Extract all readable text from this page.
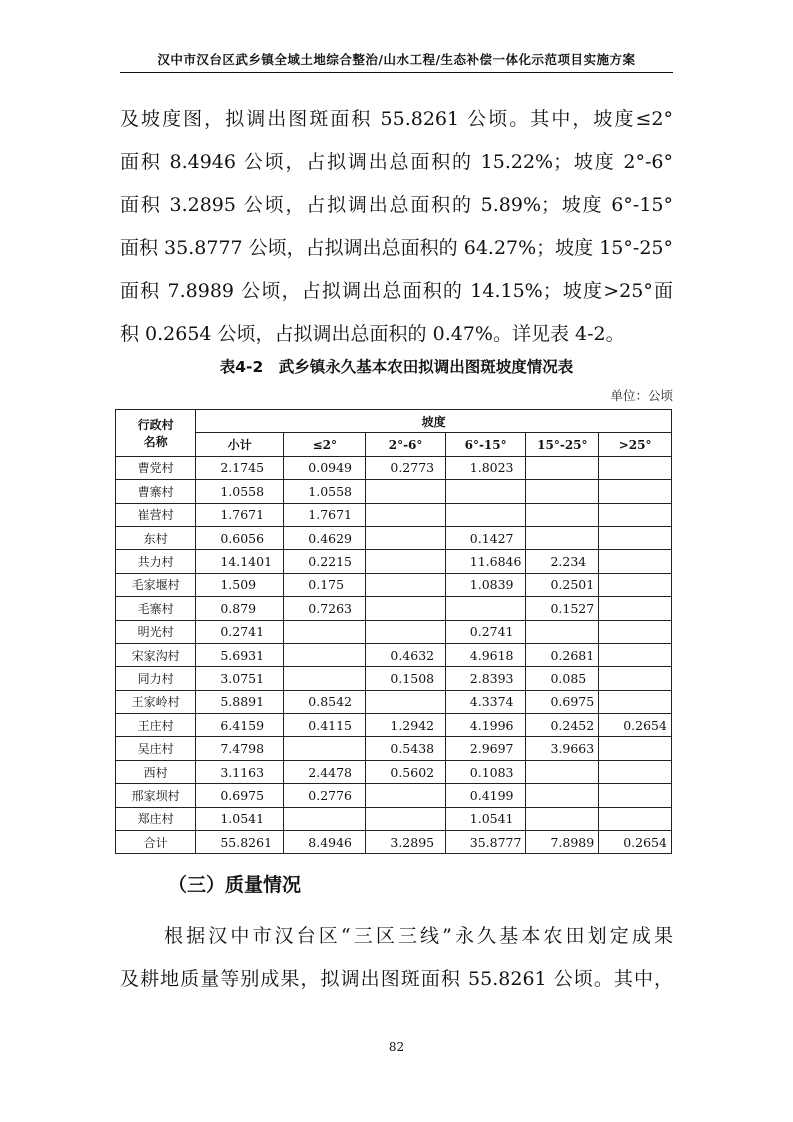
汉中市汉台区武乡镇全域土地综合整治/山水工程/生态补偿一体化示范项目实施方案
及坡度图，拟调出图斑面积 55.8261 公顷。其中，坡度≤2°
面积 8.4946 公顷，占拟调出总面积的 15.22%；坡度 2°-6°
面积 3.2895 公顷，占拟调出总面积的 5.89%；坡度 6°-15°
面积 35.8777 公顷，占拟调出总面积的 64.27%；坡度 15°-25°
面积 7.8989 公顷，占拟调出总面积的 14.15%；坡度>25°面
积 0.2654 公顷，占拟调出总面积的 0.47%。详见表 4-2。
表4-2　武乡镇永久基本农田拟调出图斑坡度情况表
单位：公顷
行政村
名称	坡度					
	小计	≤2°	2°-6°	6°-15°	15°-25°	>25°
曹党村	2.1745	0.0949	0.2773	1.8023		
曹寨村	1.0558	1.0558				
崔营村	1.7671	1.7671				
东村	0.6056	0.4629		0.1427		
共力村	14.1401	0.2215		11.6846	2.234	
毛家堰村	1.509	0.175		1.0839	0.2501	
毛寨村	0.879	0.7263			0.1527	
明光村	0.2741			0.2741		
宋家沟村	5.6931		0.4632	4.9618	0.2681	
同力村	3.0751		0.1508	2.8393	0.085	
王家岭村	5.8891	0.8542		4.3374	0.6975	
王庄村	6.4159	0.4115	1.2942	4.1996	0.2452	0.2654
吴庄村	7.4798		0.5438	2.9697	3.9663	
西村	3.1163	2.4478	0.5602	0.1083		
邢家坝村	0.6975	0.2776		0.4199		
郑庄村	1.0541			1.0541		
合计	55.8261	8.4946	3.2895	35.8777	7.8989	0.2654
（三）质量情况
根据汉中市汉台区“三区三线”永久基本农田划定成果
及耕地质量等别成果，拟调出图斑面积 55.8261 公顷。其中，
82
